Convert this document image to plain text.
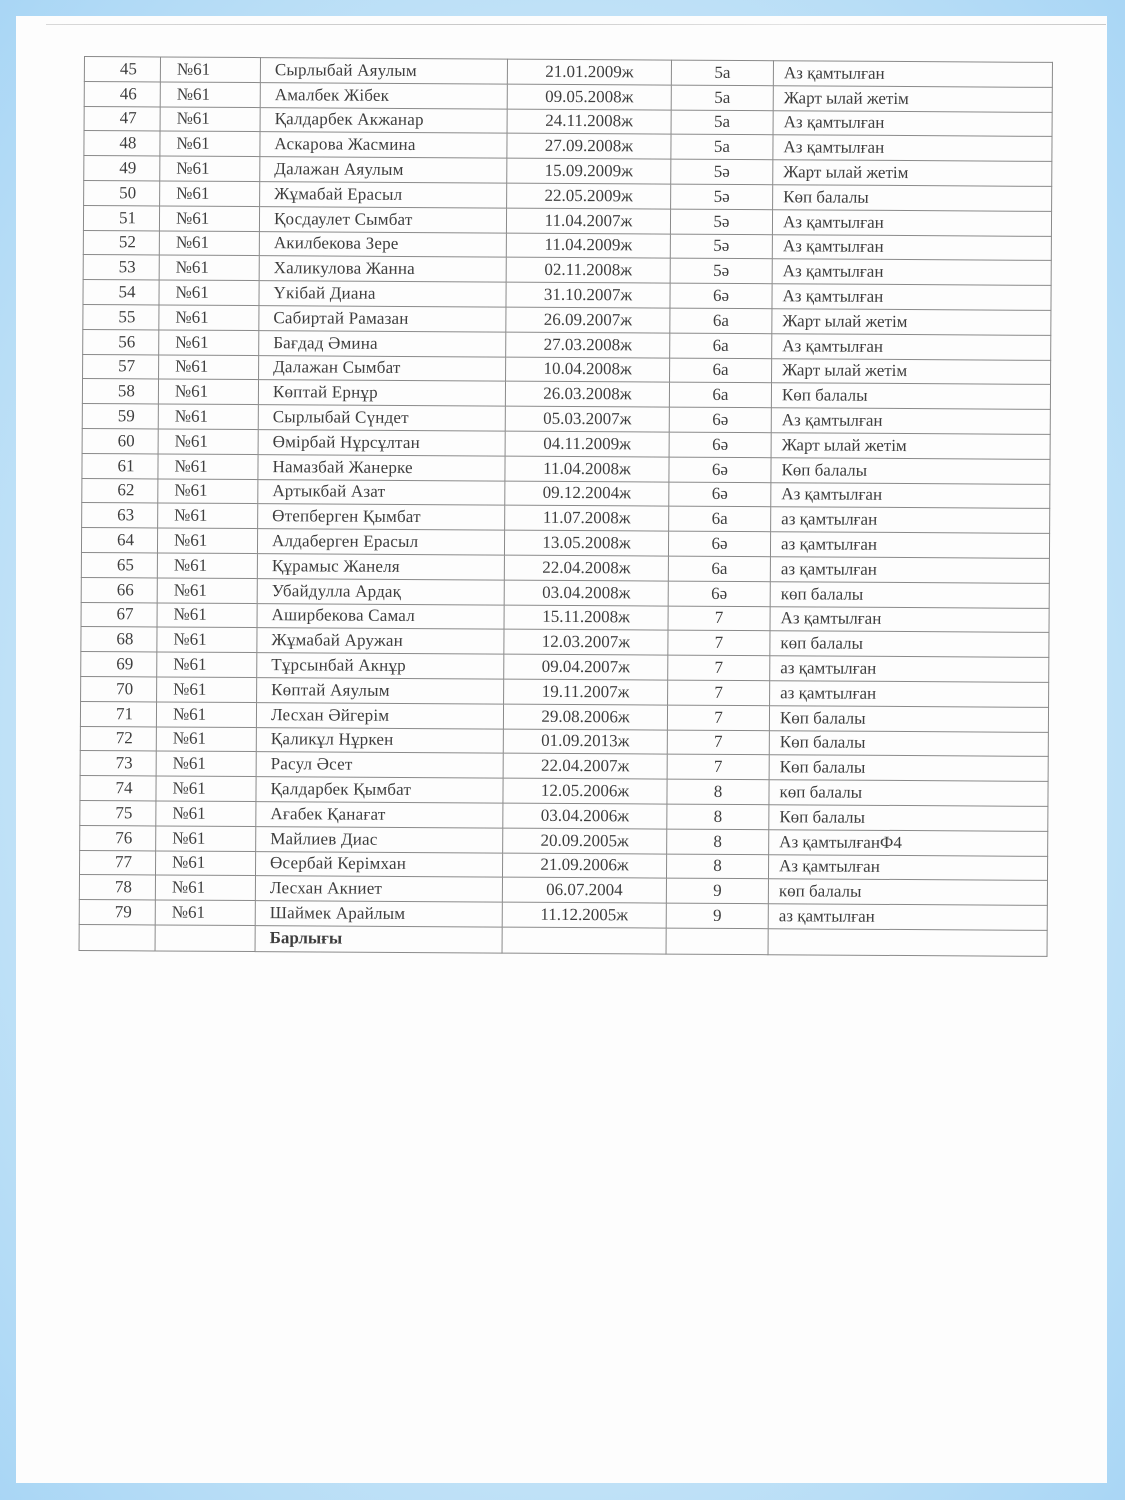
45	№61	Сырлыбай Аяулым	21.01.2009ж	5а	Аз қамтылған
46	№61	Амалбек Жібек	09.05.2008ж	5а	Жарт ылай жетім
47	№61	Қалдарбек Акжанар	24.11.2008ж	5а	Аз қамтылған
48	№61	Аскарова Жасмина	27.09.2008ж	5а	Аз қамтылған
49	№61	Далажан Аяулым	15.09.2009ж	5ә	Жарт ылай жетім
50	№61	Жұмабай Ерасыл	22.05.2009ж	5ә	Көп балалы
51	№61	Қосдаулет Сымбат	11.04.2007ж	5ә	Аз қамтылған
52	№61	Акилбекова Зере	11.04.2009ж	5ә	Аз қамтылған
53	№61	Халикулова Жанна	02.11.2008ж	5ә	Аз қамтылған
54	№61	Үкібай Диана	31.10.2007ж	6ә	Аз қамтылған
55	№61	Сабиртай Рамазан	26.09.2007ж	6а	Жарт ылай жетім
56	№61	Бағдад Әмина	27.03.2008ж	6а	Аз қамтылған
57	№61	Далажан Сымбат	10.04.2008ж	6а	Жарт ылай жетім
58	№61	Көптай Ернұр	26.03.2008ж	6а	Көп балалы
59	№61	Сырлыбай Сүндет	05.03.2007ж	6ә	Аз қамтылған
60	№61	Өмірбай Нұрсұлтан	04.11.2009ж	6ә	Жарт ылай жетім
61	№61	Намазбай Жанерке	11.04.2008ж	6ә	Көп балалы
62	№61	Артыкбай Азат	09.12.2004ж	6ә	Аз қамтылған
63	№61	Өтепберген Қымбат	11.07.2008ж	6а	аз қамтылған
64	№61	Алдаберген Ерасыл	13.05.2008ж	6ә	аз қамтылған
65	№61	Құрамыс Жанеля	22.04.2008ж	6а	аз қамтылған
66	№61	Убайдулла Ардақ	03.04.2008ж	6ә	көп балалы
67	№61	Аширбекова Самал	15.11.2008ж	7	Аз қамтылған
68	№61	Жұмабай Аружан	12.03.2007ж	7	көп балалы
69	№61	Тұрсынбай Акнұр	09.04.2007ж	7	аз қамтылған
70	№61	Көптай Аяулым	19.11.2007ж	7	аз қамтылған
71	№61	Лесхан Әйгерім	29.08.2006ж	7	Көп балалы
72	№61	Қаликұл Нұркен	01.09.2013ж	7	Көп балалы
73	№61	Расул Әсет	22.04.2007ж	7	Көп балалы
74	№61	Қалдарбек Қымбат	12.05.2006ж	8	көп балалы
75	№61	Ағабек Қанағат	03.04.2006ж	8	Көп балалы
76	№61	Майлиев Диас	20.09.2005ж	8	Аз қамтылғанФ4
77	№61	Өсербай Керімхан	21.09.2006ж	8	Аз қамтылған
78	№61	Лесхан Акниет	06.07.2004	9	көп балалы
79	№61	Шаймек Арайлым	11.12.2005ж	9	аз қамтылған
		Барлығы			
